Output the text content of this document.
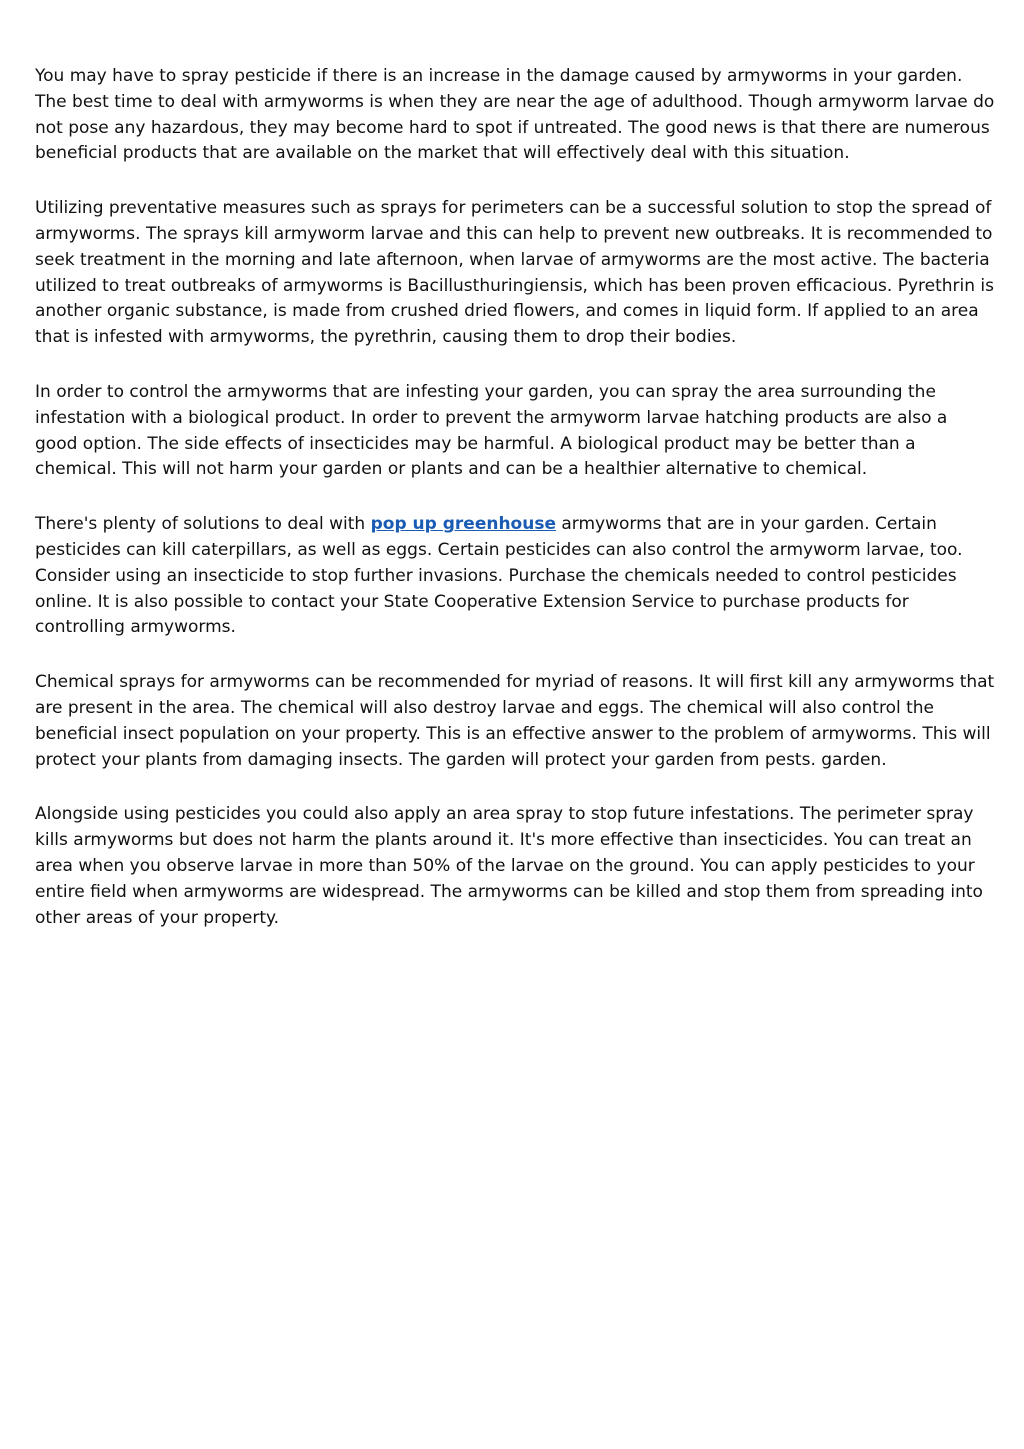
You may have to spray pesticide if there is an increase in the damage caused by armyworms in your garden. The best time to deal with armyworms is when they are near the age of adulthood. Though armyworm larvae do not pose any hazardous, they may become hard to spot if untreated. The good news is that there are numerous beneficial products that are available on the market that will effectively deal with this situation.

Utilizing preventative measures such as sprays for perimeters can be a successful solution to stop the spread of armyworms. The sprays kill armyworm larvae and this can help to prevent new outbreaks. It is recommended to seek treatment in the morning and late afternoon, when larvae of armyworms are the most active. The bacteria utilized to treat outbreaks of armyworms is Bacillusthuringiensis, which has been proven efficacious. Pyrethrin is another organic substance, is made from crushed dried flowers, and comes in liquid form. If applied to an area that is infested with armyworms, the pyrethrin, causing them to drop their bodies.

In order to control the armyworms that are infesting your garden, you can spray the area surrounding the infestation with a biological product. In order to prevent the armyworm larvae hatching products are also a good option. The side effects of insecticides may be harmful. A biological product may be better than a chemical. This will not harm your garden or plants and can be a healthier alternative to chemical.

There's plenty of solutions to deal with pop up greenhouse armyworms that are in your garden. Certain pesticides can kill caterpillars, as well as eggs. Certain pesticides can also control the armyworm larvae, too. Consider using an insecticide to stop further invasions. Purchase the chemicals needed to control pesticides online. It is also possible to contact your State Cooperative Extension Service to purchase products for controlling armyworms.

Chemical sprays for armyworms can be recommended for myriad of reasons. It will first kill any armyworms that are present in the area. The chemical will also destroy larvae and eggs. The chemical will also control the beneficial insect population on your property. This is an effective answer to the problem of armyworms. This will protect your plants from damaging insects. The garden will protect your garden from pests. garden.

Alongside using pesticides you could also apply an area spray to stop future infestations. The perimeter spray kills armyworms but does not harm the plants around it. It's more effective than insecticides. You can treat an area when you observe larvae in more than 50% of the larvae on the ground. You can apply pesticides to your entire field when armyworms are widespread. The armyworms can be killed and stop them from spreading into other areas of your property.
